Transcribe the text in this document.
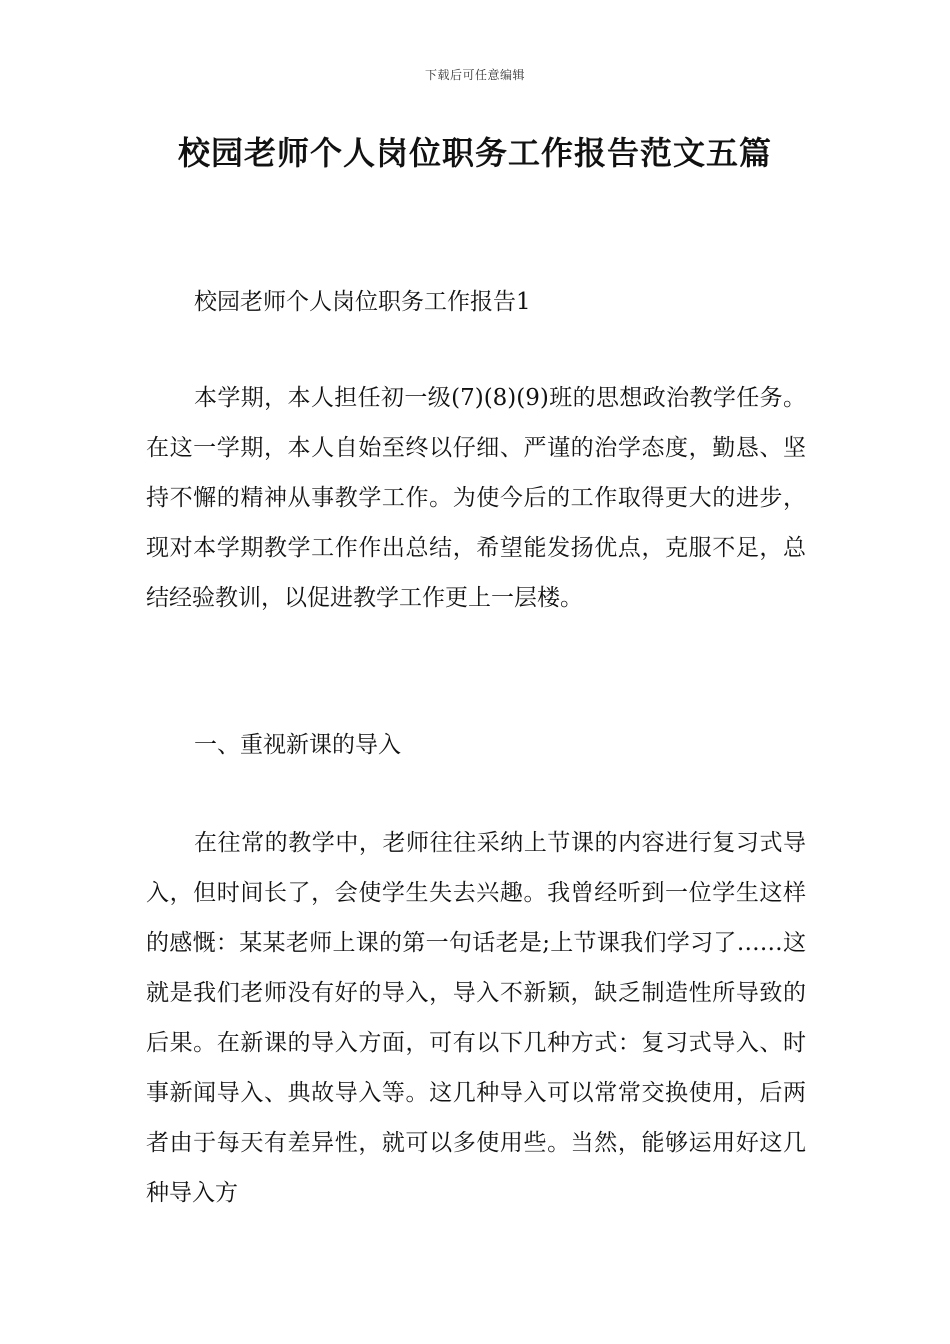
下载后可任意编辑
校园老师个人岗位职务工作报告范文五篇

校园老师个人岗位职务工作报告1

本学期，本人担任初一级(7)(8)(9)班的思想政治教学任务。在这一学期，本人自始至终以仔细、严谨的治学态度，勤恳、坚持不懈的精神从事教学工作。为使今后的工作取得更大的进步，现对本学期教学工作作出总结，希望能发扬优点，克服不足，总结经验教训，以促进教学工作更上一层楼。

一、重视新课的导入

在往常的教学中，老师往往采纳上节课的内容进行复习式导入，但时间长了，会使学生失去兴趣。我曾经听到一位学生这样的感慨：某某老师上课的第一句话老是;上节课我们学习了……这就是我们老师没有好的导入，导入不新颖，缺乏制造性所导致的后果。在新课的导入方面，可有以下几种方式：复习式导入、时事新闻导入、典故导入等。这几种导入可以常常交换使用，后两者由于每天有差异性，就可以多使用些。当然，能够运用好这几种导入方
